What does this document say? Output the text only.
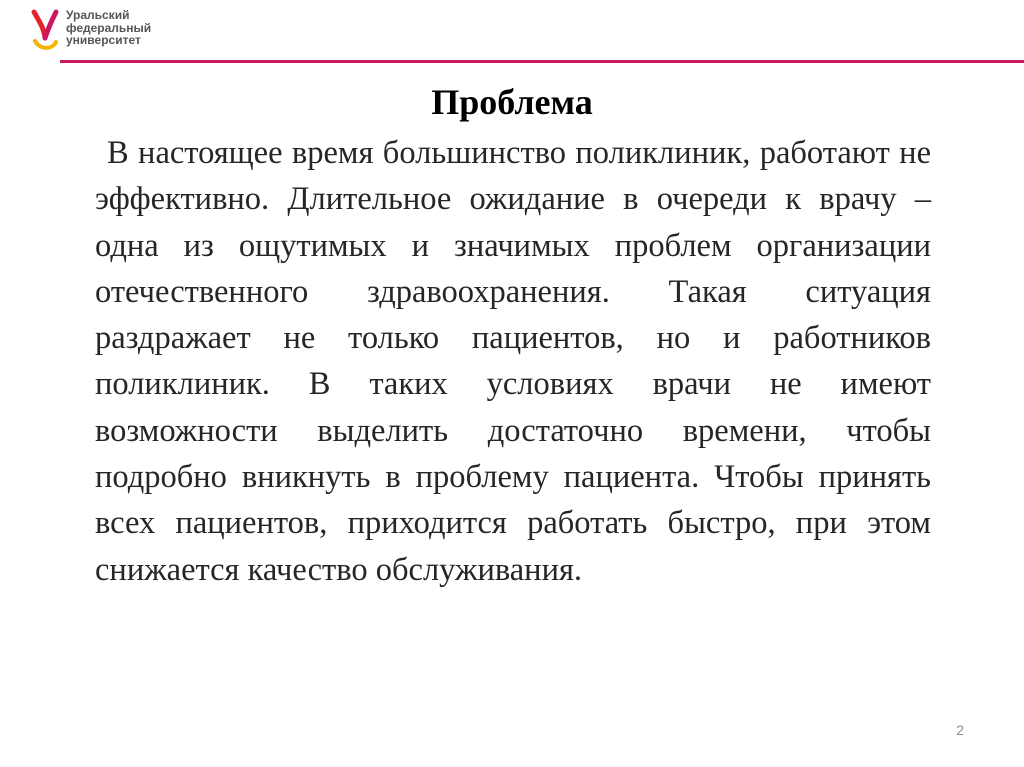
Уральский
федеральный
университет
Проблема

В настоящее время большинство поликлиник, работают не эффективно. Длительное ожидание в очереди к врачу – одна из ощутимых и значимых проблем организации отечественного здравоохранения. Такая ситуация раздражает не только пациентов, но и работников поликлиник. В таких условиях врачи не имеют возможности выделить достаточно времени, чтобы подробно вникнуть в проблему пациента. Чтобы принять всех пациентов, приходится работать быстро, при этом снижается качество обслуживания.

2
